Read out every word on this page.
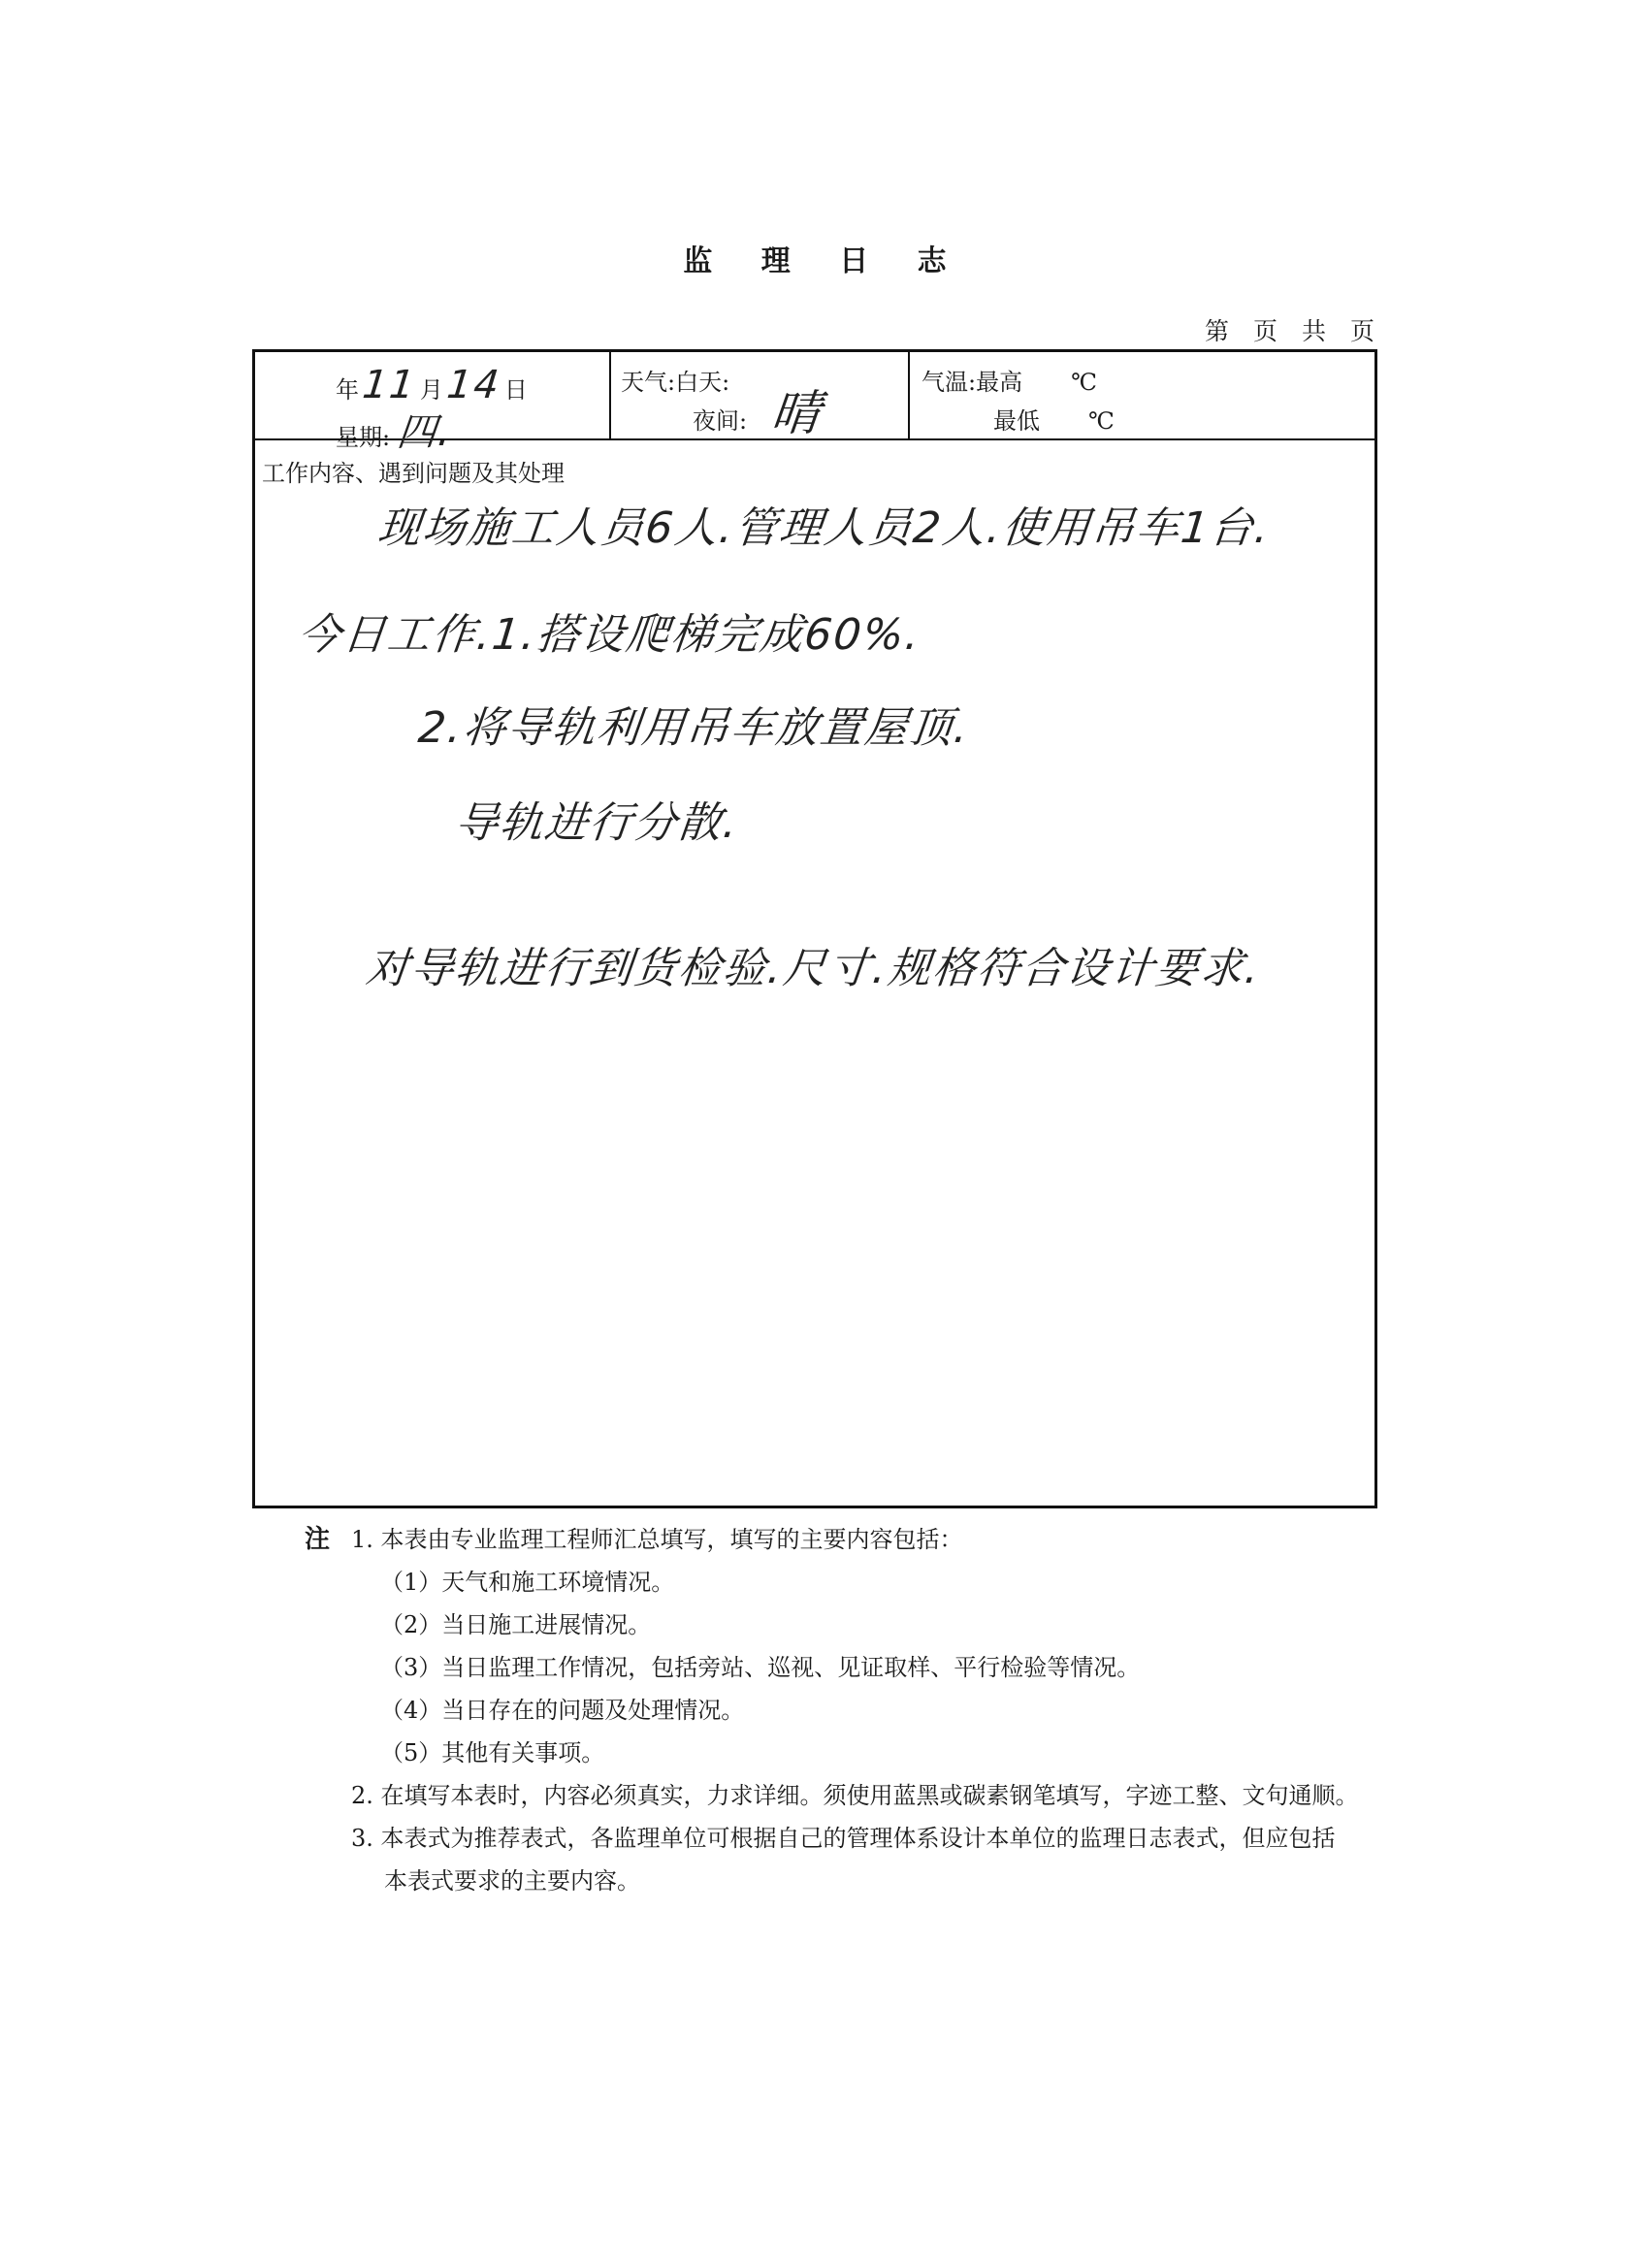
监 理 日 志
第 页 共 页
年11月14日
星期: 四.
天气:白天:
夜间: 晴
气温:最高 ℃
最低 ℃
工作内容、遇到问题及其处理
现场施工人员6人.管理人员2人.使用吊车1台.
今日工作.1.搭设爬梯完成60%.
2.将导轨利用吊车放置屋顶.
导轨进行分散.
对导轨进行到货检验.尺寸.规格符合设计要求.
注 1. 本表由专业监理工程师汇总填写，填写的主要内容包括：
（1）天气和施工环境情况。
（2）当日施工进展情况。
（3）当日监理工作情况，包括旁站、巡视、见证取样、平行检验等情况。
（4）当日存在的问题及处理情况。
（5）其他有关事项。
2. 在填写本表时，内容必须真实，力求详细。须使用蓝黑或碳素钢笔填写，字迹工整、文句通顺。
3. 本表式为推荐表式，各监理单位可根据自己的管理体系设计本单位的监理日志表式，但应包括
本表式要求的主要内容。
